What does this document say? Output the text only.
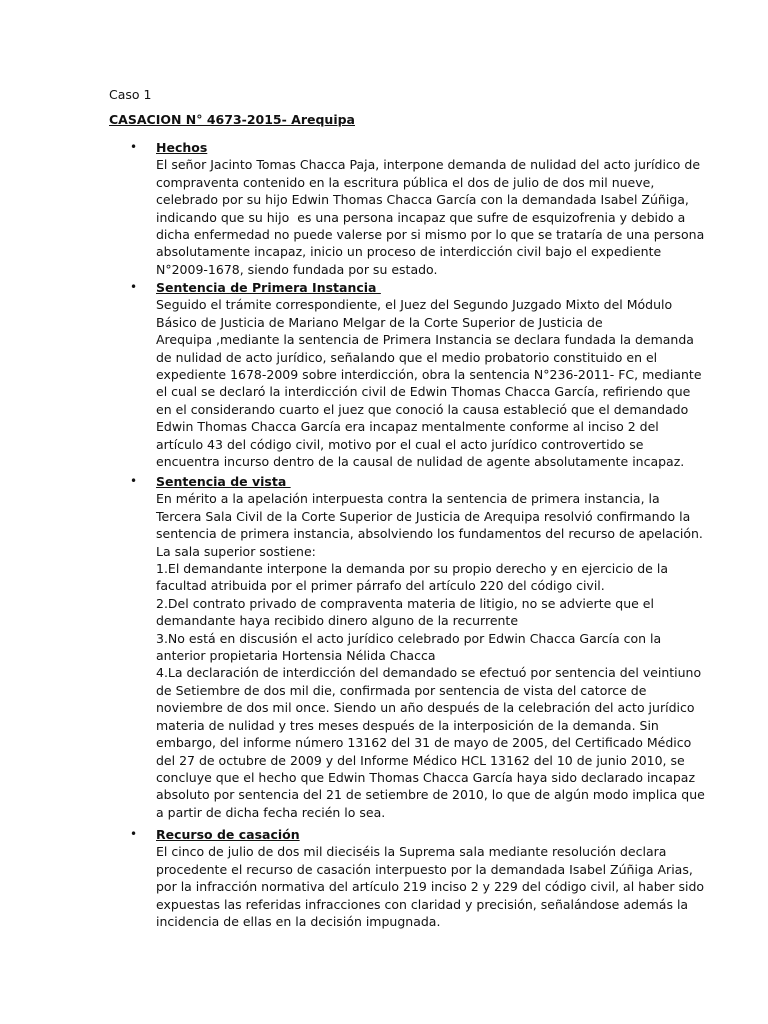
Caso 1
CASACION N° 4673-2015- Arequipa
• Hechos
El señor Jacinto Tomas Chacca Paja, interpone demanda de nulidad del acto jurídico de
compraventa contenido en la escritura pública el dos de julio de dos mil nueve,
celebrado por su hijo Edwin Thomas Chacca García con la demandada Isabel Zúñiga,
indicando que su hijo  es una persona incapaz que sufre de esquizofrenia y debido a
dicha enfermedad no puede valerse por si mismo por lo que se trataría de una persona
absolutamente incapaz, inicio un proceso de interdicción civil bajo el expediente
N°2009-1678, siendo fundada por su estado.
• Sentencia de Primera Instancia
Seguido el trámite correspondiente, el Juez del Segundo Juzgado Mixto del Módulo
Básico de Justicia de Mariano Melgar de la Corte Superior de Justicia de
Arequipa ,mediante la sentencia de Primera Instancia se declara fundada la demanda
de nulidad de acto jurídico, señalando que el medio probatorio constituido en el
expediente 1678-2009 sobre interdicción, obra la sentencia N°236-2011- FC, mediante
el cual se declaró la interdicción civil de Edwin Thomas Chacca García, refiriendo que
en el considerando cuarto el juez que conoció la causa estableció que el demandado
Edwin Thomas Chacca García era incapaz mentalmente conforme al inciso 2 del
artículo 43 del código civil, motivo por el cual el acto jurídico controvertido se
encuentra incurso dentro de la causal de nulidad de agente absolutamente incapaz.
• Sentencia de vista
En mérito a la apelación interpuesta contra la sentencia de primera instancia, la
Tercera Sala Civil de la Corte Superior de Justicia de Arequipa resolvió confirmando la
sentencia de primera instancia, absolviendo los fundamentos del recurso de apelación.
La sala superior sostiene:
1.El demandante interpone la demanda por su propio derecho y en ejercicio de la
facultad atribuida por el primer párrafo del artículo 220 del código civil.
2.Del contrato privado de compraventa materia de litigio, no se advierte que el
demandante haya recibido dinero alguno de la recurrente
3.No está en discusión el acto jurídico celebrado por Edwin Chacca García con la
anterior propietaria Hortensia Nélida Chacca
4.La declaración de interdicción del demandado se efectuó por sentencia del veintiuno
de Setiembre de dos mil die, confirmada por sentencia de vista del catorce de
noviembre de dos mil once. Siendo un año después de la celebración del acto jurídico
materia de nulidad y tres meses después de la interposición de la demanda. Sin
embargo, del informe número 13162 del 31 de mayo de 2005, del Certificado Médico
del 27 de octubre de 2009 y del Informe Médico HCL 13162 del 10 de junio 2010, se
concluye que el hecho que Edwin Thomas Chacca García haya sido declarado incapaz
absoluto por sentencia del 21 de setiembre de 2010, lo que de algún modo implica que
a partir de dicha fecha recién lo sea.
• Recurso de casación
El cinco de julio de dos mil dieciséis la Suprema sala mediante resolución declara
procedente el recurso de casación interpuesto por la demandada Isabel Zúñiga Arias,
por la infracción normativa del artículo 219 inciso 2 y 229 del código civil, al haber sido
expuestas las referidas infracciones con claridad y precisión, señalándose además la
incidencia de ellas en la decisión impugnada.
